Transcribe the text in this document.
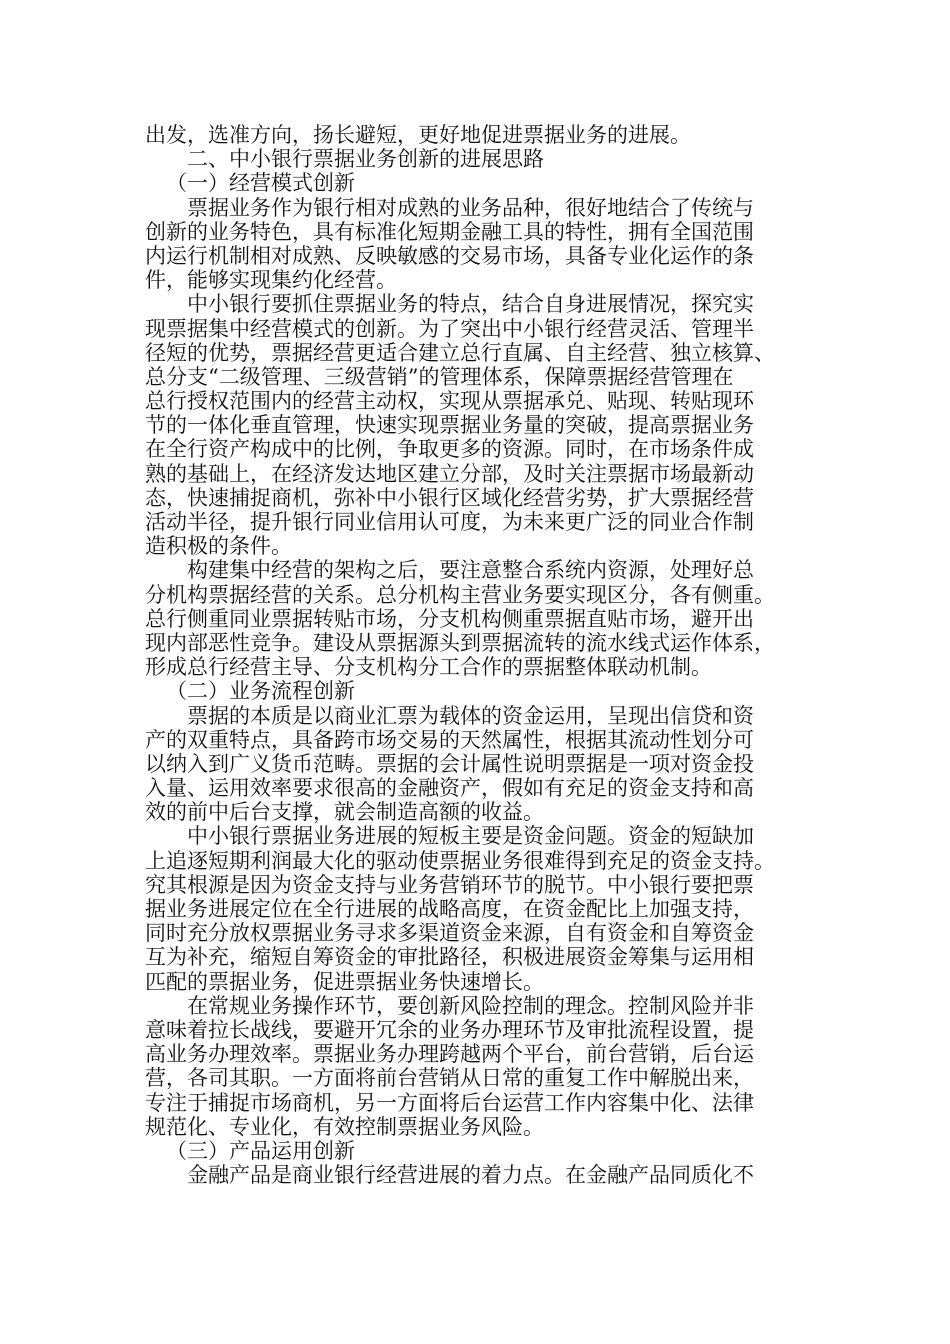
出发，选准方向，扬长避短，更好地促进票据业务的进展。
二、中小银行票据业务创新的进展思路
（一）经营模式创新
票据业务作为银行相对成熟的业务品种，很好地结合了传统与
创新的业务特色，具有标准化短期金融工具的特性，拥有全国范围
内运行机制相对成熟、反映敏感的交易市场，具备专业化运作的条
件，能够实现集约化经营。
中小银行要抓住票据业务的特点，结合自身进展情况，探究实
现票据集中经营模式的创新。为了突出中小银行经营灵活、管理半
径短的优势，票据经营更适合建立总行直属、自主经营、独立核算、
总分支“二级管理、三级营销”的管理体系，保障票据经营管理在
总行授权范围内的经营主动权，实现从票据承兑、贴现、转贴现环
节的一体化垂直管理，快速实现票据业务量的突破，提高票据业务
在全行资产构成中的比例，争取更多的资源。同时，在市场条件成
熟的基础上，在经济发达地区建立分部，及时关注票据市场最新动
态，快速捕捉商机，弥补中小银行区域化经营劣势，扩大票据经营
活动半径，提升银行同业信用认可度，为未来更广泛的同业合作制
造积极的条件。
构建集中经营的架构之后，要注意整合系统内资源，处理好总
分机构票据经营的关系。总分机构主营业务要实现区分，各有侧重。
总行侧重同业票据转贴市场，分支机构侧重票据直贴市场，避开出
现内部恶性竞争。建设从票据源头到票据流转的流水线式运作体系，
形成总行经营主导、分支机构分工合作的票据整体联动机制。
（二）业务流程创新
票据的本质是以商业汇票为载体的资金运用，呈现出信贷和资
产的双重特点，具备跨市场交易的天然属性，根据其流动性划分可
以纳入到广义货币范畴。票据的会计属性说明票据是一项对资金投
入量、运用效率要求很高的金融资产，假如有充足的资金支持和高
效的前中后台支撑，就会制造高额的收益。
中小银行票据业务进展的短板主要是资金问题。资金的短缺加
上追逐短期利润最大化的驱动使票据业务很难得到充足的资金支持。
究其根源是因为资金支持与业务营销环节的脱节。中小银行要把票
据业务进展定位在全行进展的战略高度，在资金配比上加强支持，
同时充分放权票据业务寻求多渠道资金来源，自有资金和自筹资金
互为补充，缩短自筹资金的审批路径，积极进展资金筹集与运用相
匹配的票据业务，促进票据业务快速增长。
在常规业务操作环节，要创新风险控制的理念。控制风险并非
意味着拉长战线，要避开冗余的业务办理环节及审批流程设置，提
高业务办理效率。票据业务办理跨越两个平台，前台营销，后台运
营，各司其职。一方面将前台营销从日常的重复工作中解脱出来，
专注于捕捉市场商机，另一方面将后台运营工作内容集中化、法律
规范化、专业化，有效控制票据业务风险。
（三）产品运用创新
金融产品是商业银行经营进展的着力点。在金融产品同质化不
